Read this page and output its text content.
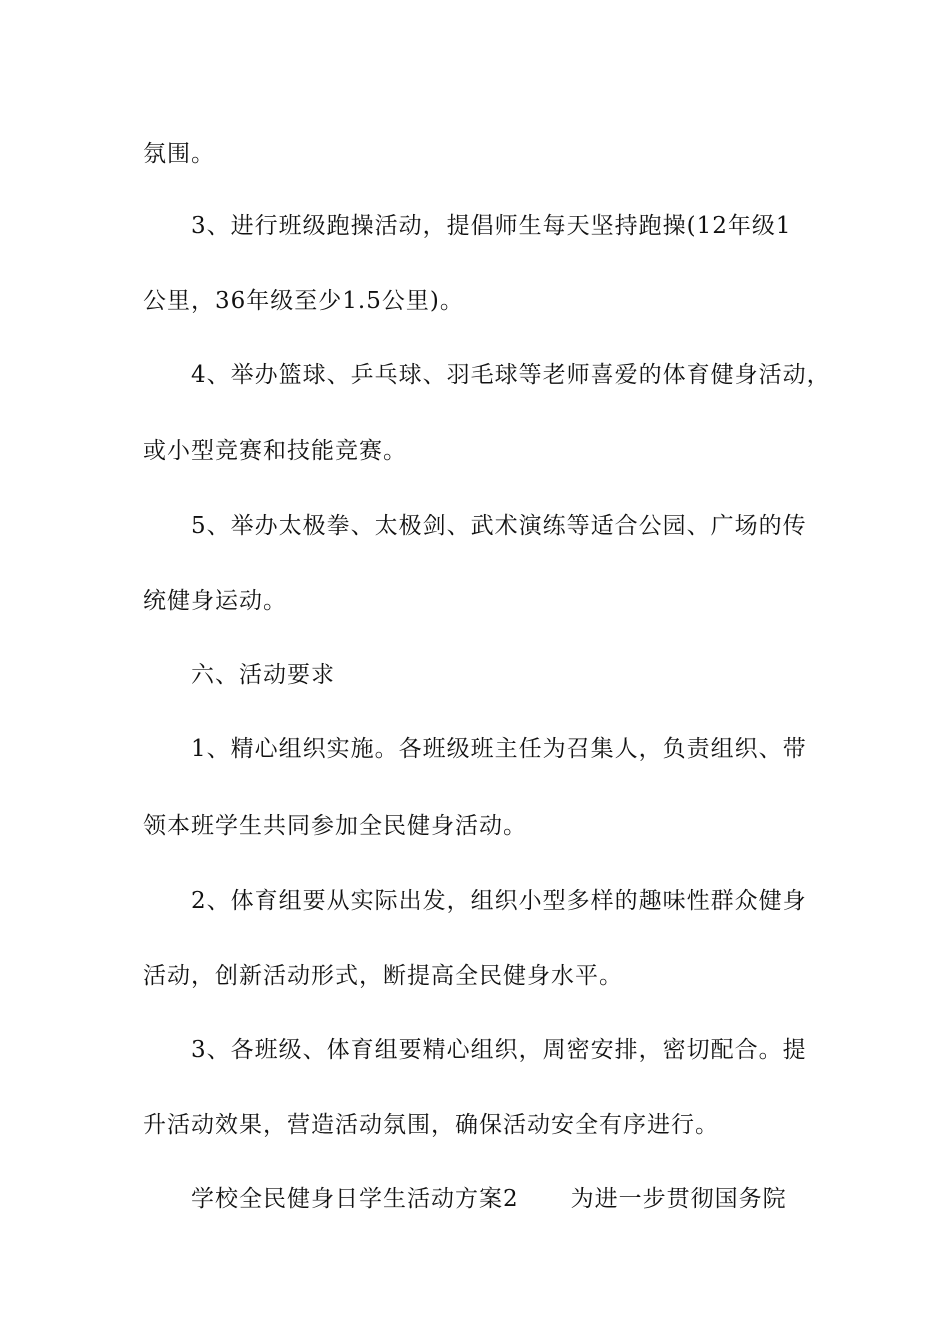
氛围。
3、进行班级跑操活动，提倡师生每天坚持跑操(12年级1
公里，36年级至少1.5公里)。
4、举办篮球、乒乓球、羽毛球等老师喜爱的体育健身活动，
或小型竞赛和技能竞赛。
5、举办太极拳、太极剑、武术演练等适合公园、广场的传
统健身运动。
六、活动要求
1、精心组织实施。各班级班主任为召集人，负责组织、带
领本班学生共同参加全民健身活动。
2、体育组要从实际出发，组织小型多样的趣味性群众健身
活动，创新活动形式，断提高全民健身水平。
3、各班级、体育组要精心组织，周密安排，密切配合。提
升活动效果，营造活动氛围，确保活动安全有序进行。
学校全民健身日学生活动方案2 为进一步贯彻国务院
